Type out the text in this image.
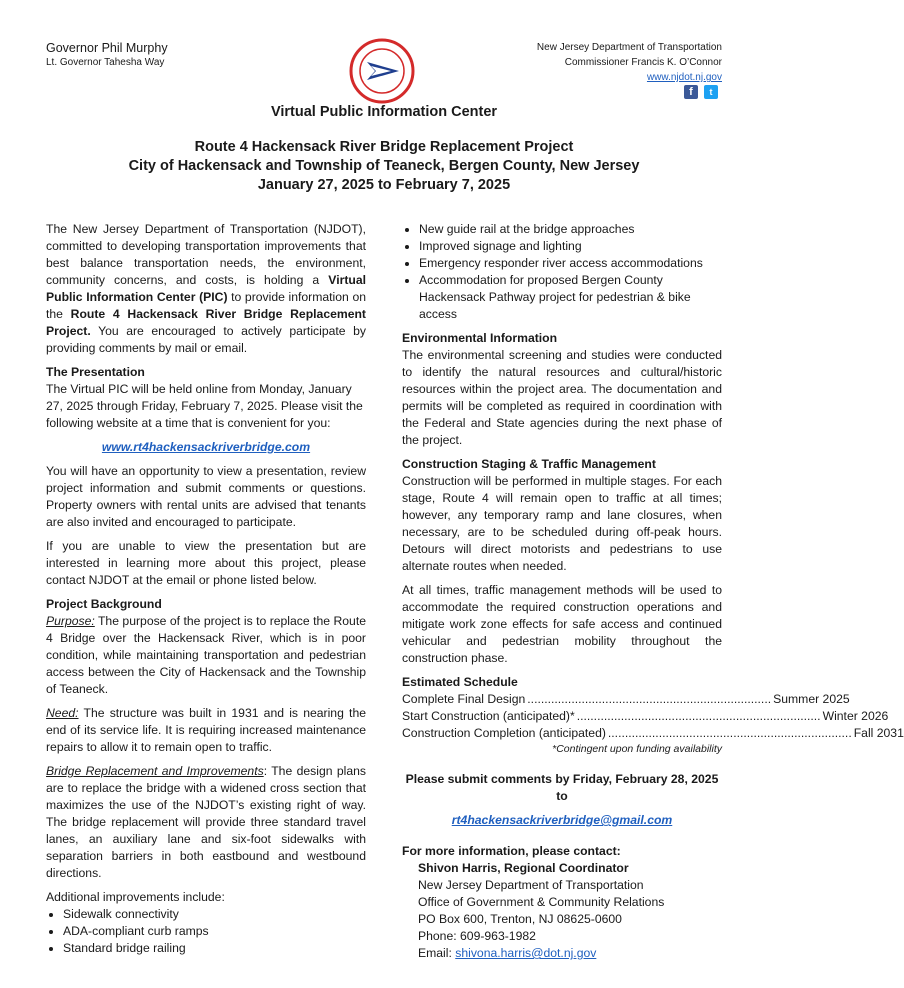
Governor Phil Murphy
Lt. Governor Tahesha Way
New Jersey Department of Transportation
Commissioner Francis K. O’Connor
www.njdot.nj.gov
f	t
Virtual Public Information Center
Route 4 Hackensack River Bridge Replacement Project
City of Hackensack and Township of Teaneck, Bergen County, New Jersey
January 27, 2025 to February 7, 2025

The New Jersey Department of Transportation (NJDOT), committed to developing transportation improvements that best balance transportation needs, the environment, community concerns, and costs, is holding a Virtual Public Information Center (PIC) to provide information on the Route 4 Hackensack River Bridge Replacement Project. You are encouraged to actively participate by providing comments by mail or email.

The Presentation

The Virtual PIC will be held online from Monday, January 27, 2025 through Friday, February 7, 2025. Please visit the following website at a time that is convenient for you:

www.rt4hackensackriverbridge.com

You will have an opportunity to view a presentation, review project information and submit comments or questions. Property owners with rental units are advised that tenants are also invited and encouraged to participate.

If you are unable to view the presentation but are interested in learning more about this project, please contact NJDOT at the email or phone listed below.

Project Background

Purpose: The purpose of the project is to replace the Route 4 Bridge over the Hackensack River, which is in poor condition, while maintaining transportation and pedestrian access between the City of Hackensack and the Township of Teaneck.

Need: The structure was built in 1931 and is nearing the end of its service life. It is requiring increased maintenance repairs to allow it to remain open to traffic.

Bridge Replacement and Improvements: The design plans are to replace the bridge with a widened cross section that maximizes the use of the NJDOT’s existing right of way. The bridge replacement will provide three standard travel lanes, an auxiliary lane and six-foot sidewalks with separation barriers in both eastbound and westbound directions.

Additional improvements include:

• Sidewalk connectivity
• ADA-compliant curb ramps
• Standard bridge railing
• New guide rail at the bridge approaches
• Improved signage and lighting
• Emergency responder river access accommodations
• Accommodation for proposed Bergen County Hackensack Pathway project for pedestrian & bike access

Environmental Information

The environmental screening and studies were conducted to identify the natural resources and cultural/historic resources within the project area. The documentation and permits will be completed as required in coordination with the Federal and State agencies during the next phase of the project.

Construction Staging & Traffic Management

Construction will be performed in multiple stages. For each stage, Route 4 will remain open to traffic at all times; however, any temporary ramp and lane closures, when necessary, are to be scheduled during off-peak hours. Detours will direct motorists and pedestrians to use alternate routes when needed.

At all times, traffic management methods will be used to accommodate the required construction operations and mitigate work zone effects for safe access and continued vehicular and pedestrian mobility throughout the construction phase.

Estimated Schedule

Complete Final Design ........................................................................ Summer 2025
Start Construction (anticipated)* ........................................................................ Winter 2026
Construction Completion (anticipated) ........................................................................ Fall 2031
*Contingent upon funding availability

Please submit comments by Friday, February 28, 2025 to

rt4hackensackriverbridge@gmail.com

For more information, please contact:

Shivon Harris, Regional Coordinator
New Jersey Department of Transportation
Office of Government & Community Relations
PO Box 600, Trenton, NJ 08625-0600
Phone: 609-963-1982
Email: shivona.harris@dot.nj.gov
